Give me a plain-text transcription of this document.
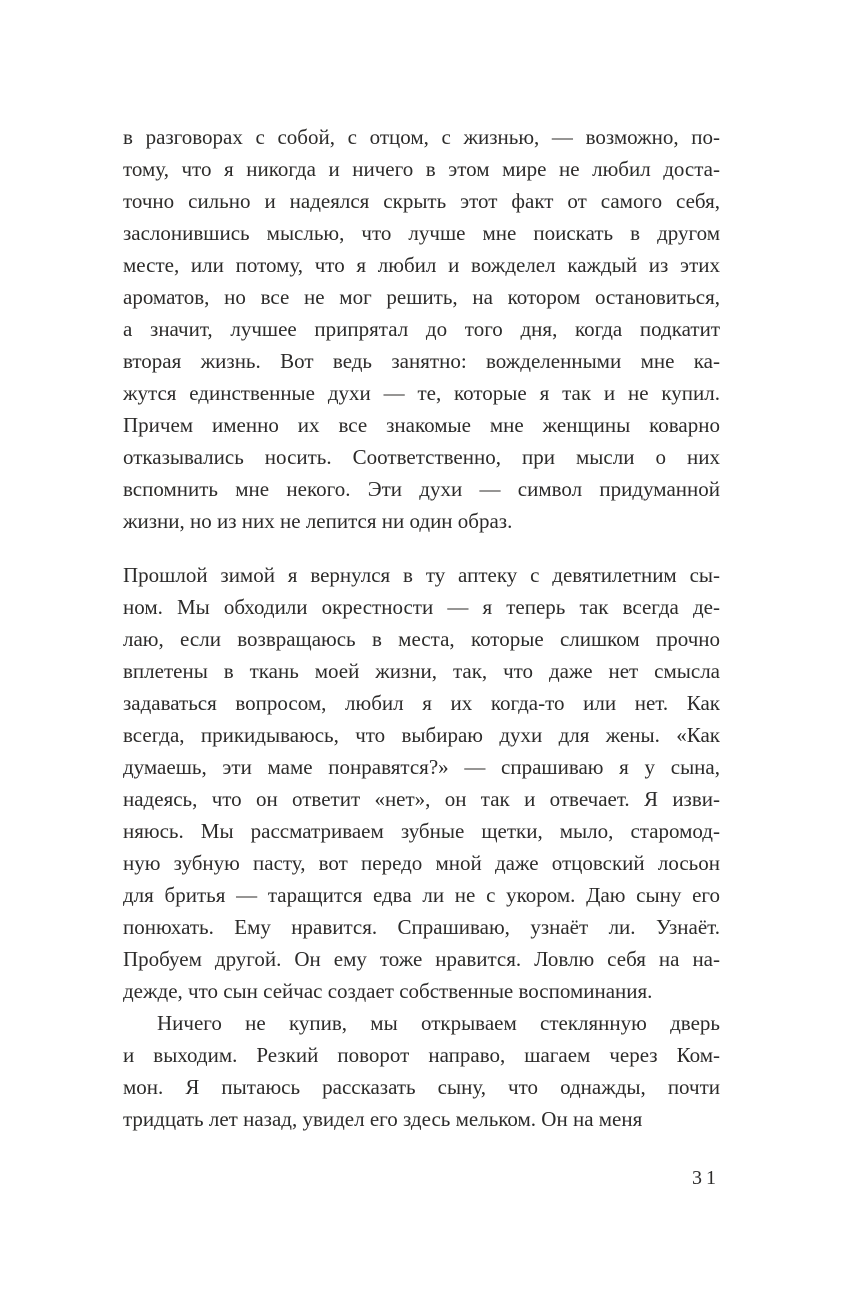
в разговорах с собой, с отцом, с жизнью, — возможно, по-
тому, что я никогда и ничего в этом мире не любил доста-
точно сильно и надеялся скрыть этот факт от самого себя,
заслонившись мыслью, что лучше мне поискать в другом
месте, или потому, что я любил и вожделел каждый из этих
ароматов, но все не мог решить, на котором остановиться,
а значит, лучшее припрятал до того дня, когда подкатит
вторая жизнь. Вот ведь занятно: вожделенными мне ка-
жутся единственные духи — те, которые я так и не купил.
Причем именно их все знакомые мне женщины коварно
отказывались носить. Соответственно, при мысли о них
вспомнить мне некого. Эти духи — символ придуманной
жизни, но из них не лепится ни один образ.
Прошлой зимой я вернулся в ту аптеку с девятилетним сы-
ном. Мы обходили окрестности — я теперь так всегда де-
лаю, если возвращаюсь в места, которые слишком прочно
вплетены в ткань моей жизни, так, что даже нет смысла
задаваться вопросом, любил я их когда-то или нет. Как
всегда, прикидываюсь, что выбираю духи для жены. «Как
думаешь, эти маме понравятся?» — спрашиваю я у сына,
надеясь, что он ответит «нет», он так и отвечает. Я изви-
няюсь. Мы рассматриваем зубные щетки, мыло, старомод-
ную зубную пасту, вот передо мной даже отцовский лосьон
для бритья — таращится едва ли не с укором. Даю сыну его
понюхать. Ему нравится. Спрашиваю, узнаёт ли. Узнаёт.
Пробуем другой. Он ему тоже нравится. Ловлю себя на на-
дежде, что сын сейчас создает собственные воспоминания.
Ничего не купив, мы открываем стеклянную дверь
и выходим. Резкий поворот направо, шагаем через Ком-
мон. Я пытаюсь рассказать сыну, что однажды, почти
тридцать лет назад, увидел его здесь мельком. Он на меня
31
